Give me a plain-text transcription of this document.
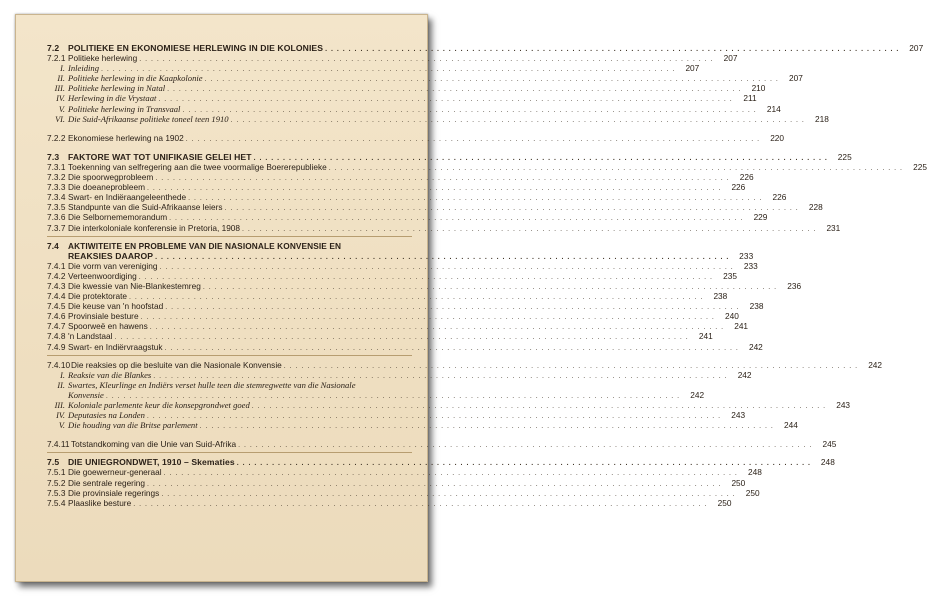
7.2	POLITIEKE EN EKONOMIESE HERLEWING IN DIE KOLONIES . . .	207
7.2.1 Politieke herlewing . . .	207
I. Inleiding . . .	207
II. Politieke herlewing in die Kaapkolonie . . .	207
III. Politieke herlewing in Natal . . .	210
IV. Herlewing in die Vrystaat . . .	211
V. Politieke herlewing in Transvaal . . .	214
VI. Die Suid-Afrikaanse politieke toneel teen 1910 . . .	218
7.2.2 Ekonomiese herlewing na 1902 . . .	220
7.3	FAKTORE WAT TOT UNIFIKASIE GELEI HET . . .	225
7.3.1 Toekenning van selfregering aan die twee voormalige Boererepublieke . . .	225
7.3.2 Die spoorwegprobleem . . .	226
7.3.3 Die doeaneprobleem . . .	226
7.3.4 Swart- en Indiëraangeleenthede . . .	226
7.3.5 Standpunte van die Suid-Afrikaanse leiers . . .	228
7.3.6 Die Selbornememorandum . . .	229
7.3.7 Die interkoloniale konferensie in Pretoria, 1908 . . .	231
7.4	AKTIWITEITE EN PROBLEME VAN DIE NASIONALE KONVENSIE EN
REAKSIES DAAROP . . .	233
7.4.1 Die vorm van vereniging . . .	233
7.4.2 Verteenwoordiging . . .	235
7.4.3 Die kwessie van Nie-Blankestemreg . . .	236
7.4.4 Die protektorate . . .	238
7.4.5 Die keuse van 'n hoofstad . . .	238
7.4.6 Provinsiale besture . . .	240
7.4.7 Spoorweë en hawens . . .	241
7.4.8 'n Landstaal . . .	241
7.4.9 Swart- en Indiërvraagstuk . . .	242
7.4.10 Die reaksies op die besluite van die Nasionale Konvensie . . .	242
I. Reaksie van die Blankes . . .	242
II. Swartes, Kleurlinge en Indiërs verset hulle teen die stemregwette van die Nasionale
Konvensie . . .	242
III. Koloniale parlemente keur die konsepgrondwet goed . . .	243
IV. Deputasies na Londen . . .	243
V. Die houding van die Britse parlement . . .	244
7.4.11 Totstandkoming van die Unie van Suid-Afrika . . .	245
7.5	DIE UNIEGRONDWET, 1910 – Skematies . . .	248
7.5.1 Die goewerneur-generaal . . .	248
7.5.2 Die sentrale regering . . .	250
7.5.3 Die provinsiale regerings . . .	250
7.5.4 Plaaslike besture . . .	250
